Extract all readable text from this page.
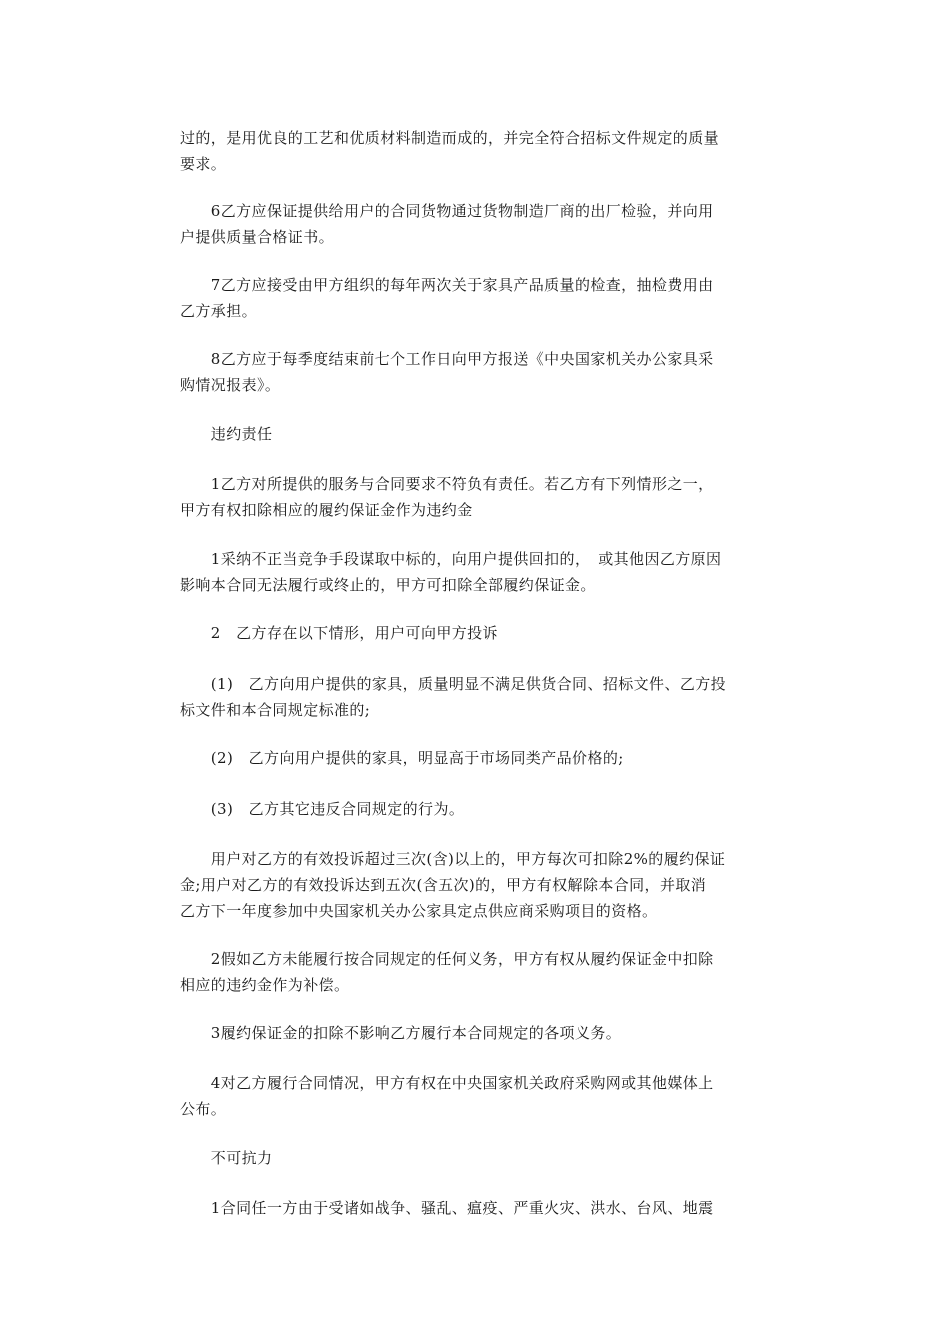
过的，是用优良的工艺和优质材料制造而成的，并完全符合招标文件规定的质量
要求。
　　6乙方应保证提供给用户的合同货物通过货物制造厂商的出厂检验，并向用
户提供质量合格证书。
　　7乙方应接受由甲方组织的每年两次关于家具产品质量的检查，抽检费用由
乙方承担。
　　8乙方应于每季度结束前七个工作日向甲方报送《中央国家机关办公家具采
购情况报表》。
　　违约责任
　　1乙方对所提供的服务与合同要求不符负有责任。若乙方有下列情形之一，
甲方有权扣除相应的履约保证金作为违约金
　　1采纳不正当竞争手段谋取中标的，向用户提供回扣的，　或其他因乙方原因
影响本合同无法履行或终止的，甲方可扣除全部履约保证金。
　　2　乙方存在以下情形，用户可向甲方投诉
　　(1)　乙方向用户提供的家具，质量明显不满足供货合同、招标文件、乙方投
标文件和本合同规定标准的;
　　(2)　乙方向用户提供的家具，明显高于市场同类产品价格的;
　　(3)　乙方其它违反合同规定的行为。
　　用户对乙方的有效投诉超过三次(含)以上的，甲方每次可扣除2%的履约保证
金;用户对乙方的有效投诉达到五次(含五次)的，甲方有权解除本合同，并取消
乙方下一年度参加中央国家机关办公家具定点供应商采购项目的资格。
　　2假如乙方未能履行按合同规定的任何义务，甲方有权从履约保证金中扣除
相应的违约金作为补偿。
　　3履约保证金的扣除不影响乙方履行本合同规定的各项义务。
　　4对乙方履行合同情况，甲方有权在中央国家机关政府采购网或其他媒体上
公布。
　　不可抗力
　　1合同任一方由于受诸如战争、骚乱、瘟疫、严重火灾、洪水、台风、地震
